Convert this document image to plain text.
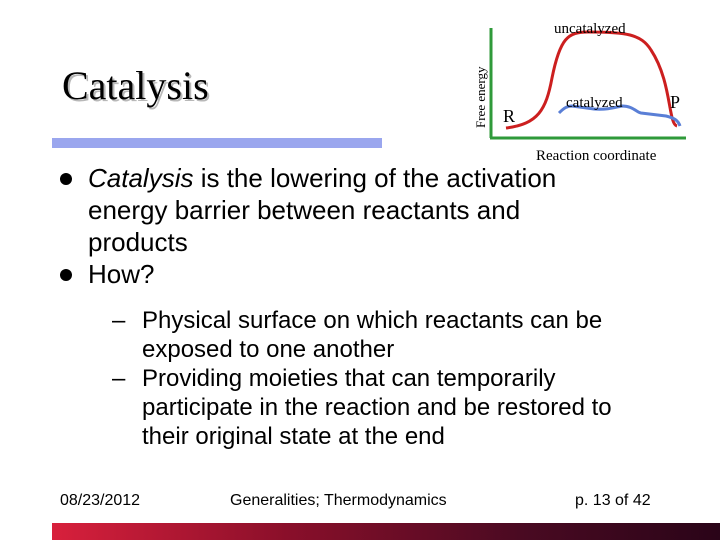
Catalysis	Free energy
uncatalyzed
catalyzed
R
P
Reaction coordinate
Catalysis is the lowering of the activation energy barrier between reactants and products
How?
– Physical surface on which reactants can be exposed to one another
– Providing moieties that can temporarily participate in the reaction and be restored to their original state at the end
08/23/2012	Generalities; Thermodynamics	p. 13 of 42
